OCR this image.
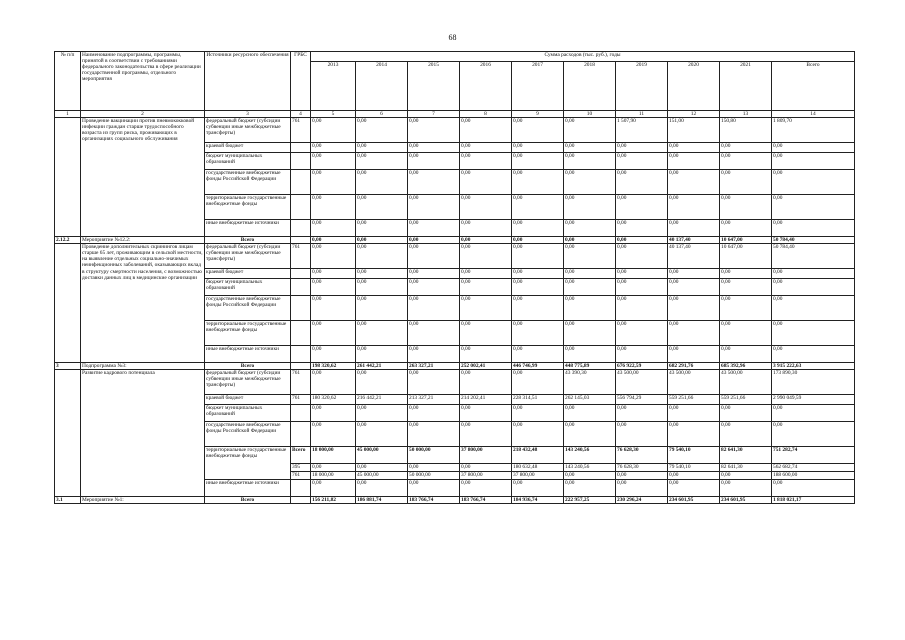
68
№ п/п	Наименование подпрограммы, программы, принятой в соответствии с требованиями федерального законодательства в сфере реализации государственной программы, отдельного мероприятия	Источники ресурсного обеспечения	ГРБС	Сумма расходов (тыс. руб.), годы									
				2013	2014	2015	2016	2017	2018	2019	2020	2021	Всего
1	2	3	4	5	6	7	8	9	10	11	12	13	14
	Проведение вакцинации против пневмококковой инфекции граждан старше трудоспособного возраста из групп риска, проживающих в организациях социального обслуживания	федеральный бюджет (субсидии субвенции иные межбюджетные трансферты)	761	0,00	0,00	0,00	0,00	0,00	0,00	1 507,90	151,00	150,80	1 809,70
		краевой бюджет		0,00	0,00	0,00	0,00	0,00	0,00	0,00	0,00	0,00	0,00
		бюджет муниципальных образований		0,00	0,00	0,00	0,00	0,00	0,00	0,00	0,00	0,00	0,00
		государственные внебюджетные фонды Российской Федерации		0,00	0,00	0,00	0,00	0,00	0,00	0,00	0,00	0,00	0,00
		территориальные государственные внебюджетные фонды		0,00	0,00	0,00	0,00	0,00	0,00	0,00	0,00	0,00	0,00
		иные внебюджетные источники		0,00	0,00	0,00	0,00	0,00	0,00	0,00	0,00	0,00	0,00
2.12.2	Мероприятие №12.2:	Всего		0,00	0,00	0,00	0,00	0,00	0,00	0,00	40 137,40	10 647,00	50 784,40
	Проведение дополнительных скринингов лицам старше 65 лет, проживающим в сельской местности, на выявление отдельных социально-значимых неинфекционных заболеваний, оказывающих вклад в структуру смертности населения, с возможностью доставки данных лиц в медицинские организации	федеральный бюджет (субсидии субвенции иные межбюджетные трансферты)	761	0,00	0,00	0,00	0,00	0,00	0,00	0,00	40 137,40	10 647,00	50 784,40
		краевой бюджет		0,00	0,00	0,00	0,00	0,00	0,00	0,00	0,00	0,00	0,00
		бюджет муниципальных образований		0,00	0,00	0,00	0,00	0,00	0,00	0,00	0,00	0,00	0,00
		государственные внебюджетные фонды Российской Федерации		0,00	0,00	0,00	0,00	0,00	0,00	0,00	0,00	0,00	0,00
		территориальные государственные внебюджетные фонды		0,00	0,00	0,00	0,00	0,00	0,00	0,00	0,00	0,00	0,00
		иные внебюджетные источники		0,00	0,00	0,00	0,00	0,00	0,00	0,00	0,00	0,00	0,00
3	Подпрограмма №3:	Всего		198 320,62	261 442,21	263 327,21	252 002,41	446 746,99	448 775,89	676 922,59	682 291,76	685 392,96	3 915 222,63
	Развитие кадрового потенциала	федеральный бюджет (субсидии субвенции иные межбюджетные трансферты)	761	0,00	0,00	0,00	0,00	0,00	43 390,30	43 500,00	43 500,00	43 500,00	173 890,30
		краевой бюджет	761	180 320,62	216 442,21	213 327,21	214 202,41	228 314,51	262 145,03	556 794,29	559 251,66	559 251,66	2 990 049,59
		бюджет муниципальных образований		0,00	0,00	0,00	0,00	0,00	0,00	0,00	0,00	0,00	0,00
		государственные внебюджетные фонды Российской Федерации		0,00	0,00	0,00	0,00	0,00	0,00	0,00	0,00	0,00	0,00
		территориальные государственные внебюджетные фонды	Всего	18 000,00	45 000,00	50 000,00	37 800,00	218 432,48	143 240,56	76 628,30	79 540,10	82 641,30	751 282,74
			395	0,00	0,00	0,00	0,00	180 632,48	143 240,56	76 628,30	79 540,10	82 641,30	562 682,74
			761	18 000,00	45 000,00	50 000,00	37 800,00	37 800,00	0,00	0,00	0,00	0,00	188 600,00
		иные внебюджетные источники		0,00	0,00	0,00	0,00	0,00	0,00	0,00	0,00	0,00	0,00
3.1	Мероприятие №1:	Всего		156 211,82	186 881,74	183 766,74	183 766,74	184 936,74	222 957,25	230 296,24	234 601,95	234 601,95	1 818 021,17
